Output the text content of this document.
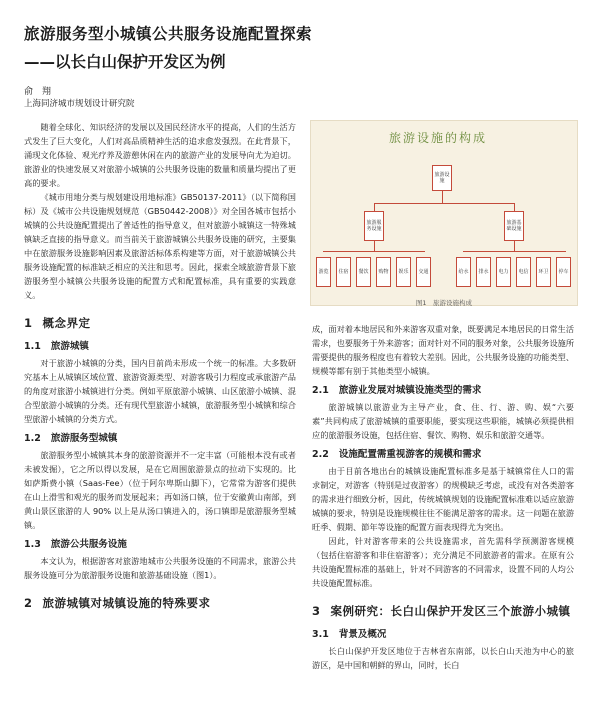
旅游服务型小城镇公共服务设施配置探索
——以长白山保护开发区为例
俞　翔
上海同济城市规划设计研究院

随着全球化、知识经济的发展以及国民经济水平的提高，人们的生活方式发生了巨大变化，人们对高品质精神生活的追求愈发强烈。在此背景下，涌现文化体验、观光疗养及游憩休闲在内的旅游产业的发展导向尤为迫切。旅游业的快速发展又对旅游小城镇的公共服务设施的数量和质量均提出了更高的要求。

《城市用地分类与规划建设用地标准》GB50137-2011》（以下简称国标）及《城市公共设施规划规范（GB50442-2008）》对全国各城市包括小城镇的公共设施配置提出了普适性的指导意义，但对旅游小城镇这一特殊城镇缺乏直接的指导意义。而当前关于旅游城镇公共服务设施的研究，主要集中在旅游服务设施影响因素及旅游活标体系构建等方面，对于旅游城镇公共服务设施配置的标准缺乏相应的关注和思考。因此，探索全域旅游背景下旅游服务型小城镇公共服务设施的配置方式和配置标准，具有重要的实践意义。

1 概念界定
1.1 旅游城镇

对于旅游小城镇的分类，国内目前尚未形成一个统一的标准。大多数研究基本上从城镇区域位置、旅游资源类型、对游客吸引力程度或承旅游产品的角度对旅游小城镇进行分类。例如平原旅游小城镇、山区旅游小城镇、混合型旅游小城镇的分类。还有现代型旅游小城镇，旅游服务型小城镇和综合型旅游小城镇的分类方式。

1.2 旅游服务型城镇

旅游服务型小城镇其本身的旅游资源并不一定丰富（可能根本没有或者未被发掘），它之所以得以发展，是在它周围旅游景点的拉动下实现的。比如萨斯费小镇（Saas-Fee）（位于阿尔卑斯山脚下），它常常为游客们提供在山上滑雪和观光的服务而发展起来；再如汤口镇，位于安徽黄山南部，到黄山景区旅游的人 90% 以上是从汤口镇进入的，汤口镇即是旅游服务型城镇。

1.3 旅游公共服务设施

本文认为，根据游客对旅游地城市公共服务设施的不同需求，旅游公共服务设施可分为旅游服务设施和旅游基础设施（图1）。

2 旅游城镇对城镇设施的特殊要求
旅游设施的构成
旅游设施
旅游服务设施
旅游基础设施
游览	住宿	餐饮	购物	娱乐	交通	给水	排水	电力	电信	环卫	停车
图1　旅游设施构成

成，面对着本地居民和外来游客双重对象，既要满足本地居民的日常生活需求，也要服务于外来游客；面对针对不同的服务对象，公共服务设施所需要提供的服务程度也有着较大差别。因此，公共服务设施的功能类型、规模等都有别于其他类型小城镇。

2.1 旅游业发展对城镇设施类型的需求

旅游城镇以旅游业为主导产业，食、住、行、游、购、娱“六要素”共同构成了旅游城镇的重要职能，要实现这些职能，城镇必须提供相应的旅游服务设施，包括住宿、餐饮、购物、娱乐和旅游交通等。

2.2 设施配置需重视游客的规模和需求

由于目前各地出台的城镇设施配置标准多是基于城镇常住人口的需求制定，对游客（特别是过夜游客）的规模缺乏考虑，或没有对各类游客的需求进行细致分析，因此，传统城镇规划的设施配置标准难以适应旅游城镇的要求，特别是设施规模往往不能满足游客的需求。这一问题在旅游旺季、假期、節年等设施的配置方面表现得尤为突出。

因此，针对游客带来的公共设施需求，首先需科学预测游客规模（包括住宿游客和非住宿游客）；充分满足不同旅游者的需求。在原有公共设施配置标准的基础上，针对不同游客的不同需求，设置不同的人均公共设施配置标准。

3 案例研究：长白山保护开发区三个旅游小城镇
3.1 背景及概况

长白山保护开发区地位于吉林省东南部，以长白山天池为中心的旅游区，是中国和朝鲜的界山，同时，长白
